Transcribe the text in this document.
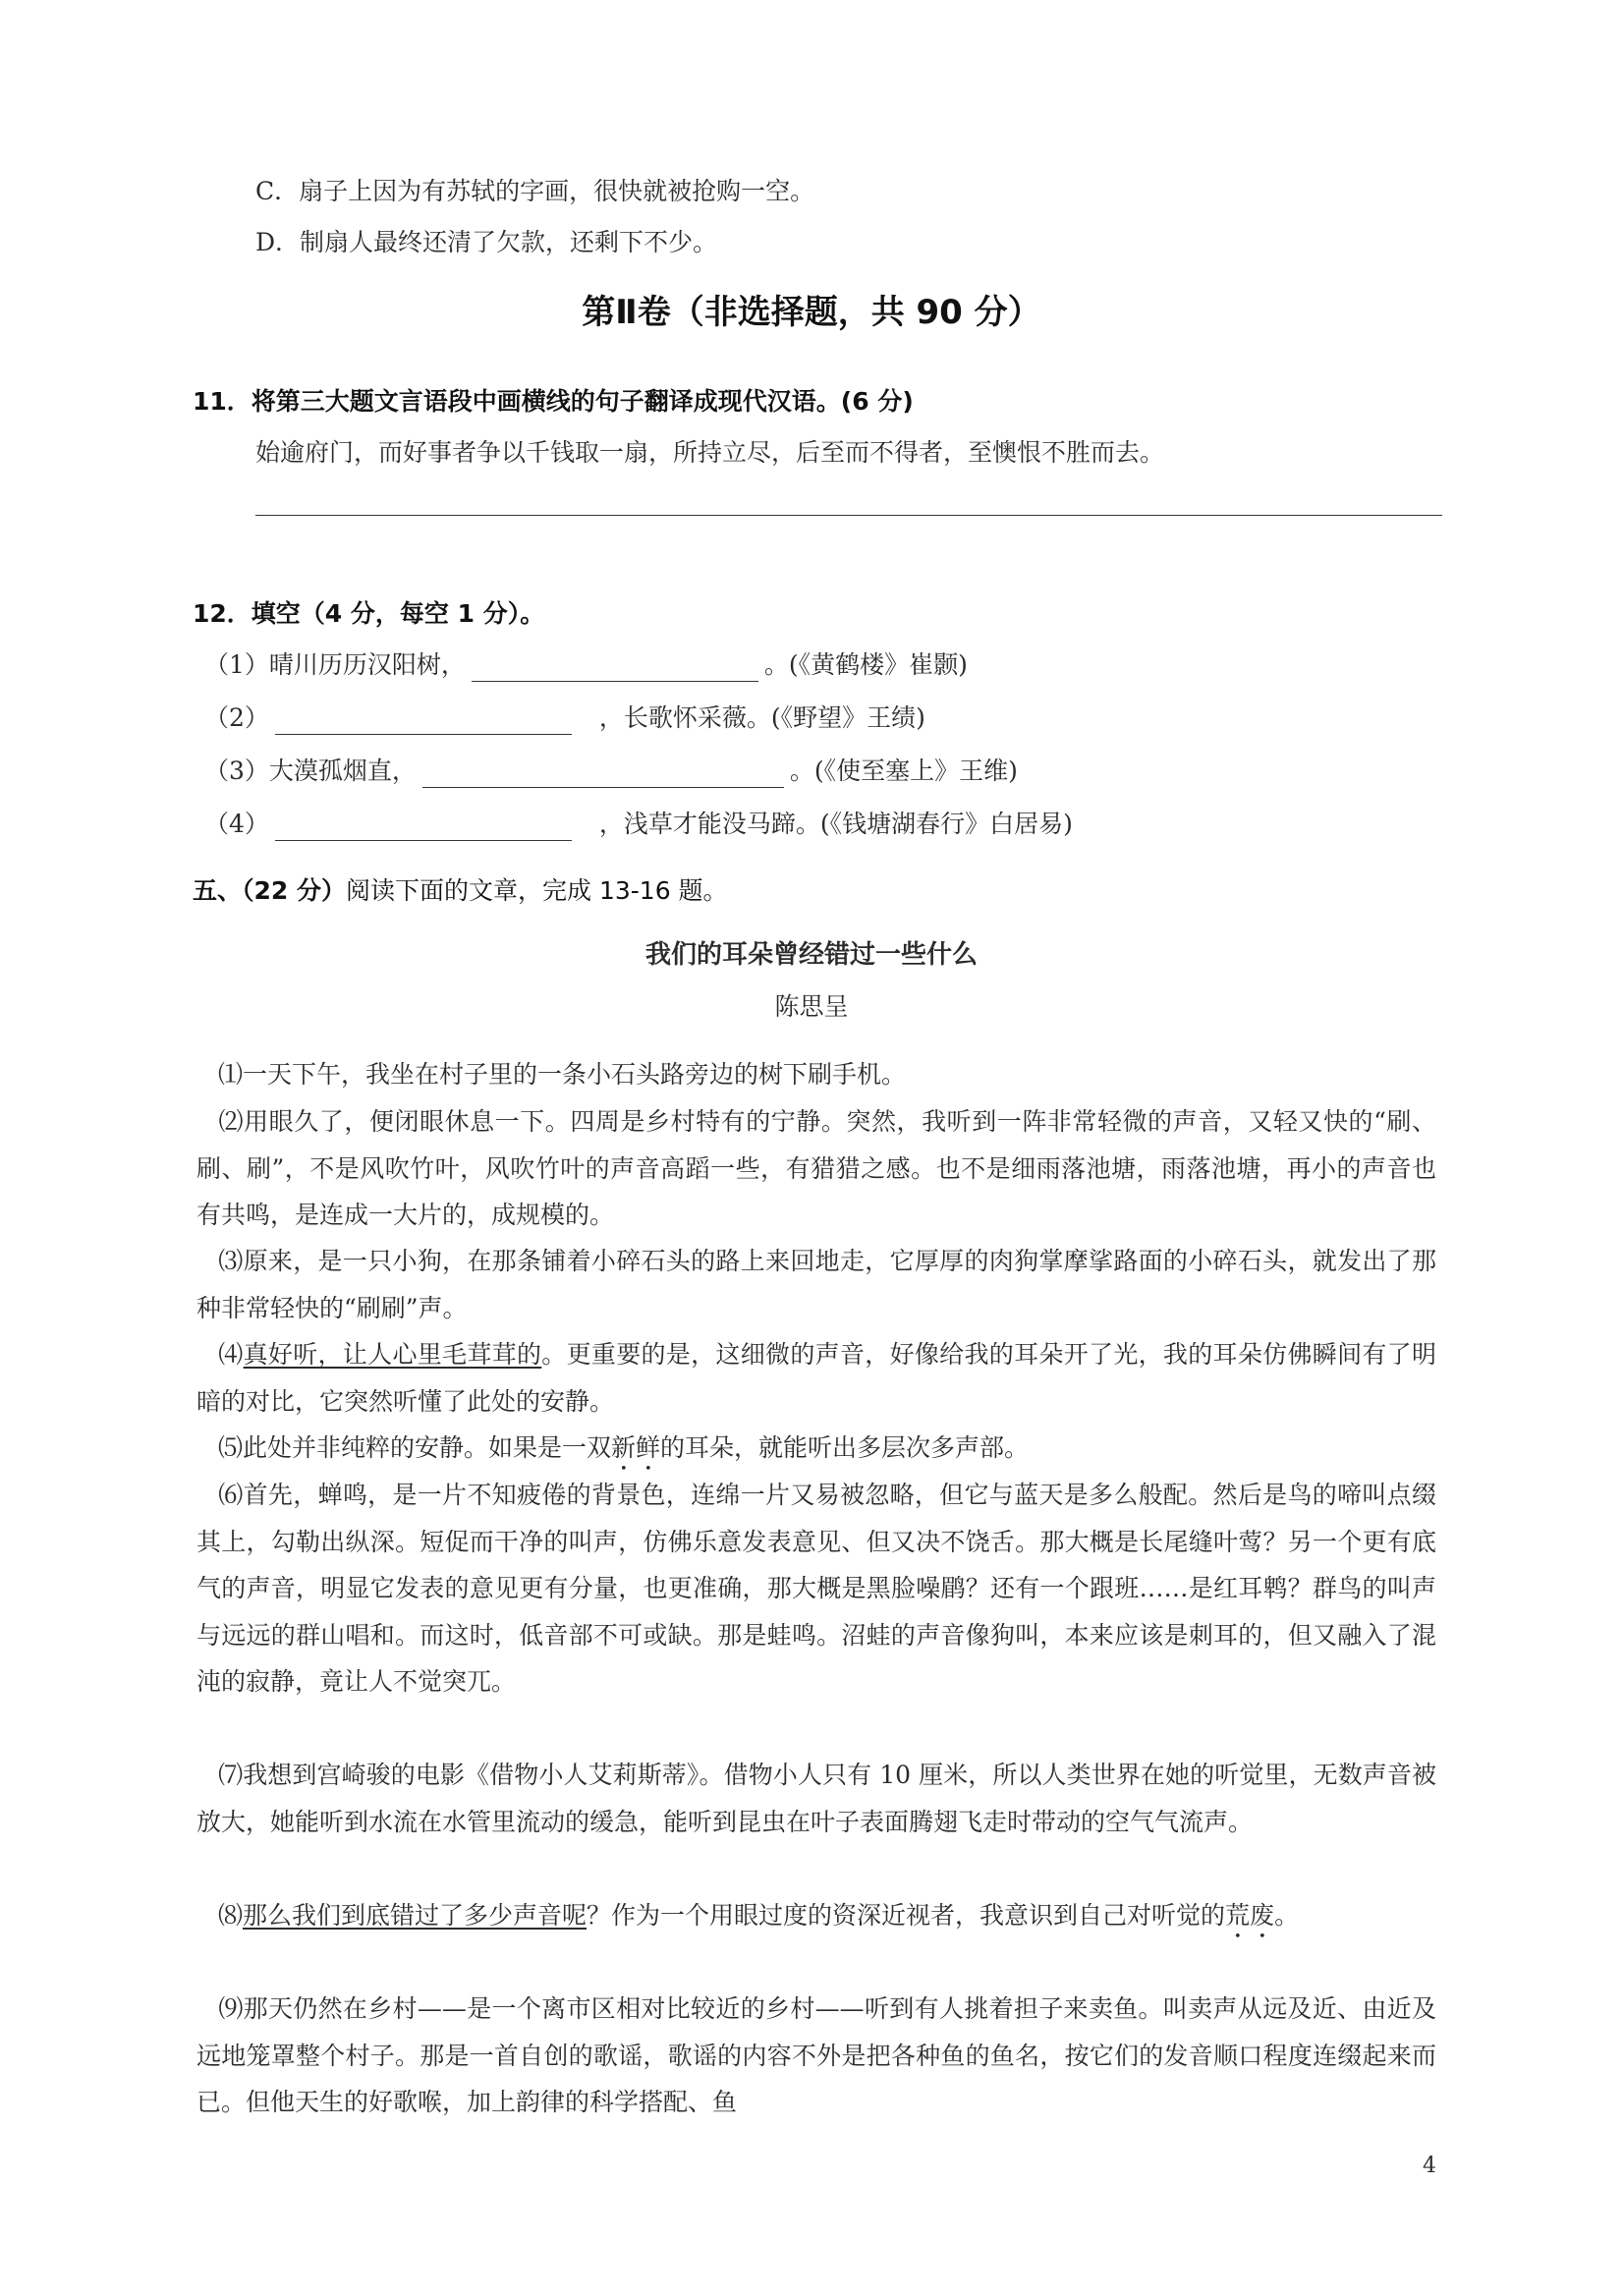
C．扇子上因为有苏轼的字画，很快就被抢购一空。
D．制扇人最终还清了欠款，还剩下不少。
第Ⅱ卷（非选择题，共 90 分）
11．将第三大题文言语段中画横线的句子翻译成现代汉语。(6 分)
始逾府门，而好事者争以千钱取一扇，所持立尽，后至而不得者，至懊恨不胜而去。
12．填空（4 分，每空 1 分）。
（1）晴川历历汉阳树，	。(《黄鹤楼》崔颢)
（2）	，长歌怀采薇。(《野望》王绩)
（3）大漠孤烟直，	。(《使至塞上》王维)
（4）	，浅草才能没马蹄。(《钱塘湖春行》白居易)
五、（22 分）阅读下面的文章，完成 13-16 题。
我们的耳朵曾经错过一些什么
陈思呈
⑴一天下午，我坐在村子里的一条小石头路旁边的树下刷手机。
⑵用眼久了，便闭眼休息一下。四周是乡村特有的宁静。突然，我听到一阵非常轻微的声音，又轻又快的“刷、刷、刷”，不是风吹竹叶，风吹竹叶的声音高蹈一些，有猎猎之感。也不是细雨落池塘，雨落池塘，再小的声音也有共鸣，是连成一大片的，成规模的。
⑶原来，是一只小狗，在那条铺着小碎石头的路上来回地走，它厚厚的肉狗掌摩挲路面的小碎石头，就发出了那种非常轻快的“刷刷”声。
⑷真好听，让人心里毛茸茸的。更重要的是，这细微的声音，好像给我的耳朵开了光，我的耳朵仿佛瞬间有了明暗的对比，它突然听懂了此处的安静。
⑸此处并非纯粹的安静。如果是一双新鲜的耳朵，就能听出多层次多声部。
⑹首先，蝉鸣，是一片不知疲倦的背景色，连绵一片又易被忽略，但它与蓝天是多么般配。然后是鸟的啼叫点缀其上，勾勒出纵深。短促而干净的叫声，仿佛乐意发表意见、但又决不饶舌。那大概是长尾缝叶莺？另一个更有底气的声音，明显它发表的意见更有分量，也更准确，那大概是黑脸噪鹛？还有一个跟班……是红耳鹎？群鸟的叫声与远远的群山唱和。而这时，低音部不可或缺。那是蛙鸣。沼蛙的声音像狗叫，本来应该是刺耳的，但又融入了混沌的寂静，竟让人不觉突兀。
⑺我想到宫崎骏的电影《借物小人艾莉斯蒂》。借物小人只有 10 厘米，所以人类世界在她的听觉里，无数声音被放大，她能听到水流在水管里流动的缓急，能听到昆虫在叶子表面腾翅飞走时带动的空气气流声。
⑻那么我们到底错过了多少声音呢？作为一个用眼过度的资深近视者，我意识到自己对听觉的荒废。
⑼那天仍然在乡村——是一个离市区相对比较近的乡村——听到有人挑着担子来卖鱼。叫卖声从远及近、由近及远地笼罩整个村子。那是一首自创的歌谣，歌谣的内容不外是把各种鱼的鱼名，按它们的发音顺口程度连缀起来而已。但他天生的好歌喉，加上韵律的科学搭配、鱼
4
